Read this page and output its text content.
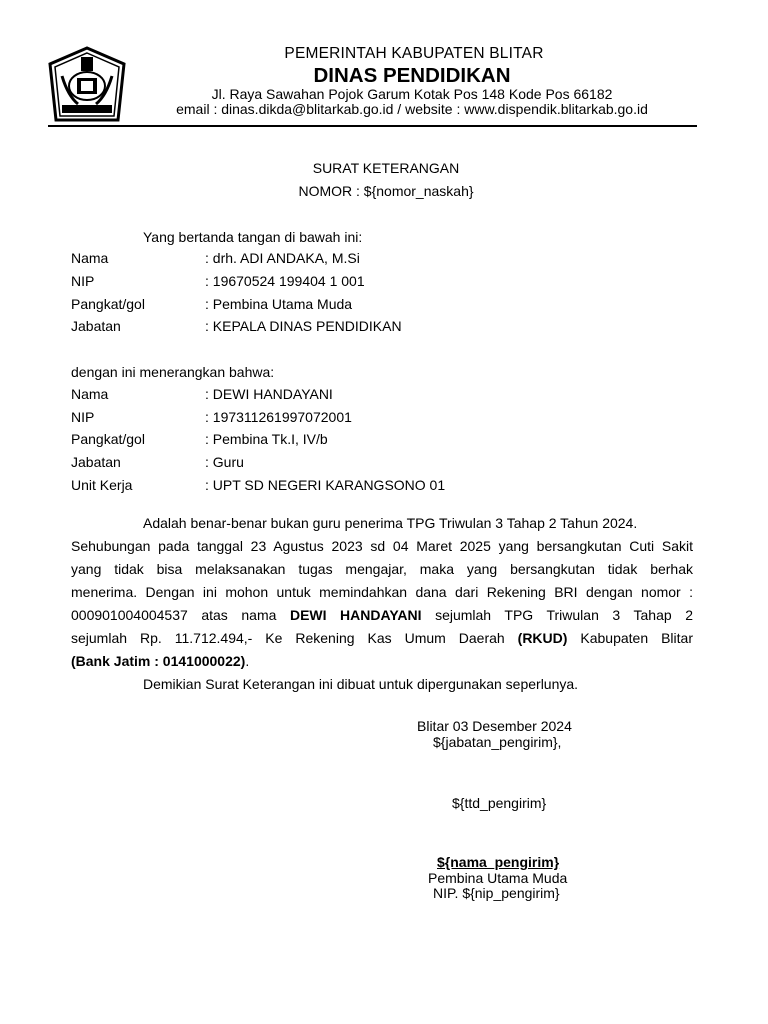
PEMERINTAH KABUPATEN BLITAR
DINAS PENDIDIKAN
Jl. Raya Sawahan Pojok Garum Kotak Pos 148 Kode Pos 66182
email : dinas.dikda@blitarkab.go.id / website : www.dispendik.blitarkab.go.id
SURAT KETERANGAN
NOMOR : ${nomor_naskah}
Yang bertanda tangan di bawah ini:
Nama	: drh. ADI ANDAKA, M.Si
NIP	: 19670524 199404 1 001
Pangkat/gol	: Pembina Utama Muda
Jabatan	: KEPALA DINAS PENDIDIKAN
dengan ini menerangkan bahwa:
Nama	: DEWI HANDAYANI
NIP	: 197311261997072001
Pangkat/gol	: Pembina Tk.I, IV/b
Jabatan	: Guru
Unit Kerja	: UPT SD NEGERI KARANGSONO 01
Adalah benar-benar bukan guru penerima TPG Triwulan 3 Tahap 2 Tahun 2024.
Sehubungan pada tanggal 23 Agustus 2023 sd 04 Maret 2025 yang bersangkutan Cuti Sakit
yang tidak bisa melaksanakan tugas mengajar, maka yang bersangkutan tidak berhak
menerima. Dengan ini mohon untuk memindahkan dana dari Rekening BRI dengan nomor :
000901004004537 atas nama DEWI HANDAYANI sejumlah TPG Triwulan 3 Tahap 2
sejumlah Rp. 11.712.494,- Ke Rekening Kas Umum Daerah (RKUD) Kabupaten Blitar
(Bank Jatim : 0141000022).
Demikian Surat Keterangan ini dibuat untuk dipergunakan seperlunya.
Blitar 03 Desember 2024
${jabatan_pengirim},
${ttd_pengirim}
${nama_pengirim}
Pembina Utama Muda
NIP. ${nip_pengirim}
